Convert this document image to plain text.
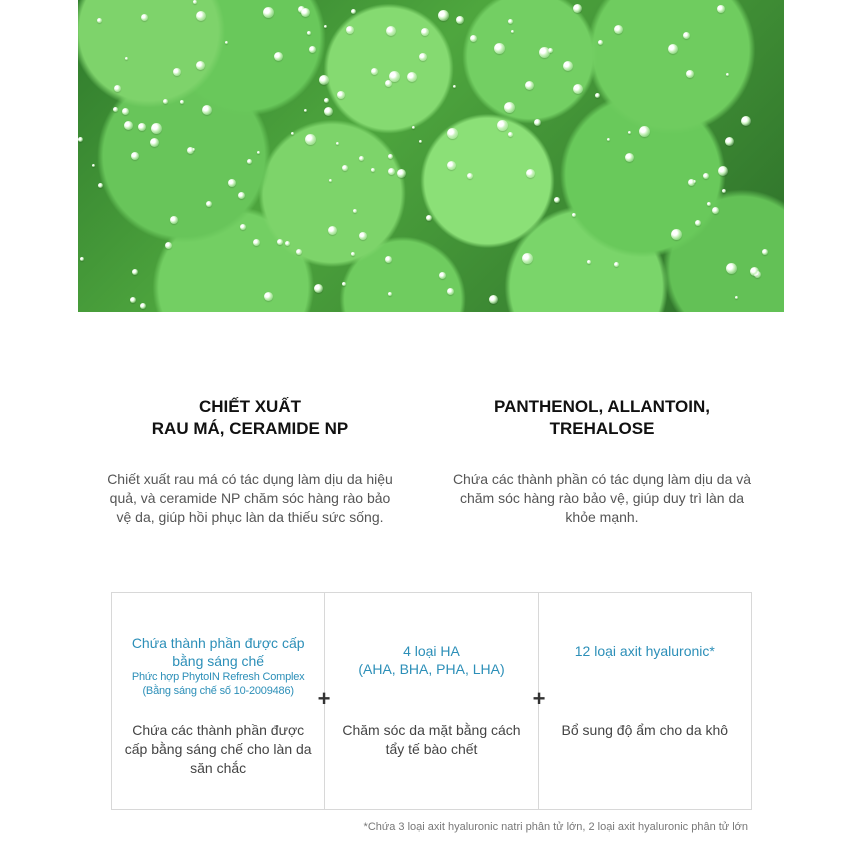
CHIẾT XUẤT
RAU MÁ, CERAMIDE NP
Chiết xuất rau má có tác dụng làm dịu da hiệu
quả, và ceramide NP chăm sóc hàng rào bảo
vệ da, giúp hồi phục làn da thiếu sức sống.
PANTHENOL, ALLANTOIN,
TREHALOSE
Chứa các thành phần có tác dụng làm dịu da và
chăm sóc hàng rào bảo vệ, giúp duy trì làn da
khỏe mạnh.
Chứa thành phần được cấp
bằng sáng chế
Phức hợp PhytoIN Refresh Complex
(Bằng sáng chế số 10-2009486)
Chứa các thành phần được
cấp bằng sáng chế cho làn da
săn chắc
4 loại HA
(AHA, BHA, PHA, LHA)
Chăm sóc da mặt bằng cách
tẩy tế bào chết
12 loại axit hyaluronic*
Bổ sung độ ẩm cho da khô
+	+
*Chứa 3 loại axit hyaluronic natri phân tử lớn, 2 loại axit hyaluronic phân tử lớn
